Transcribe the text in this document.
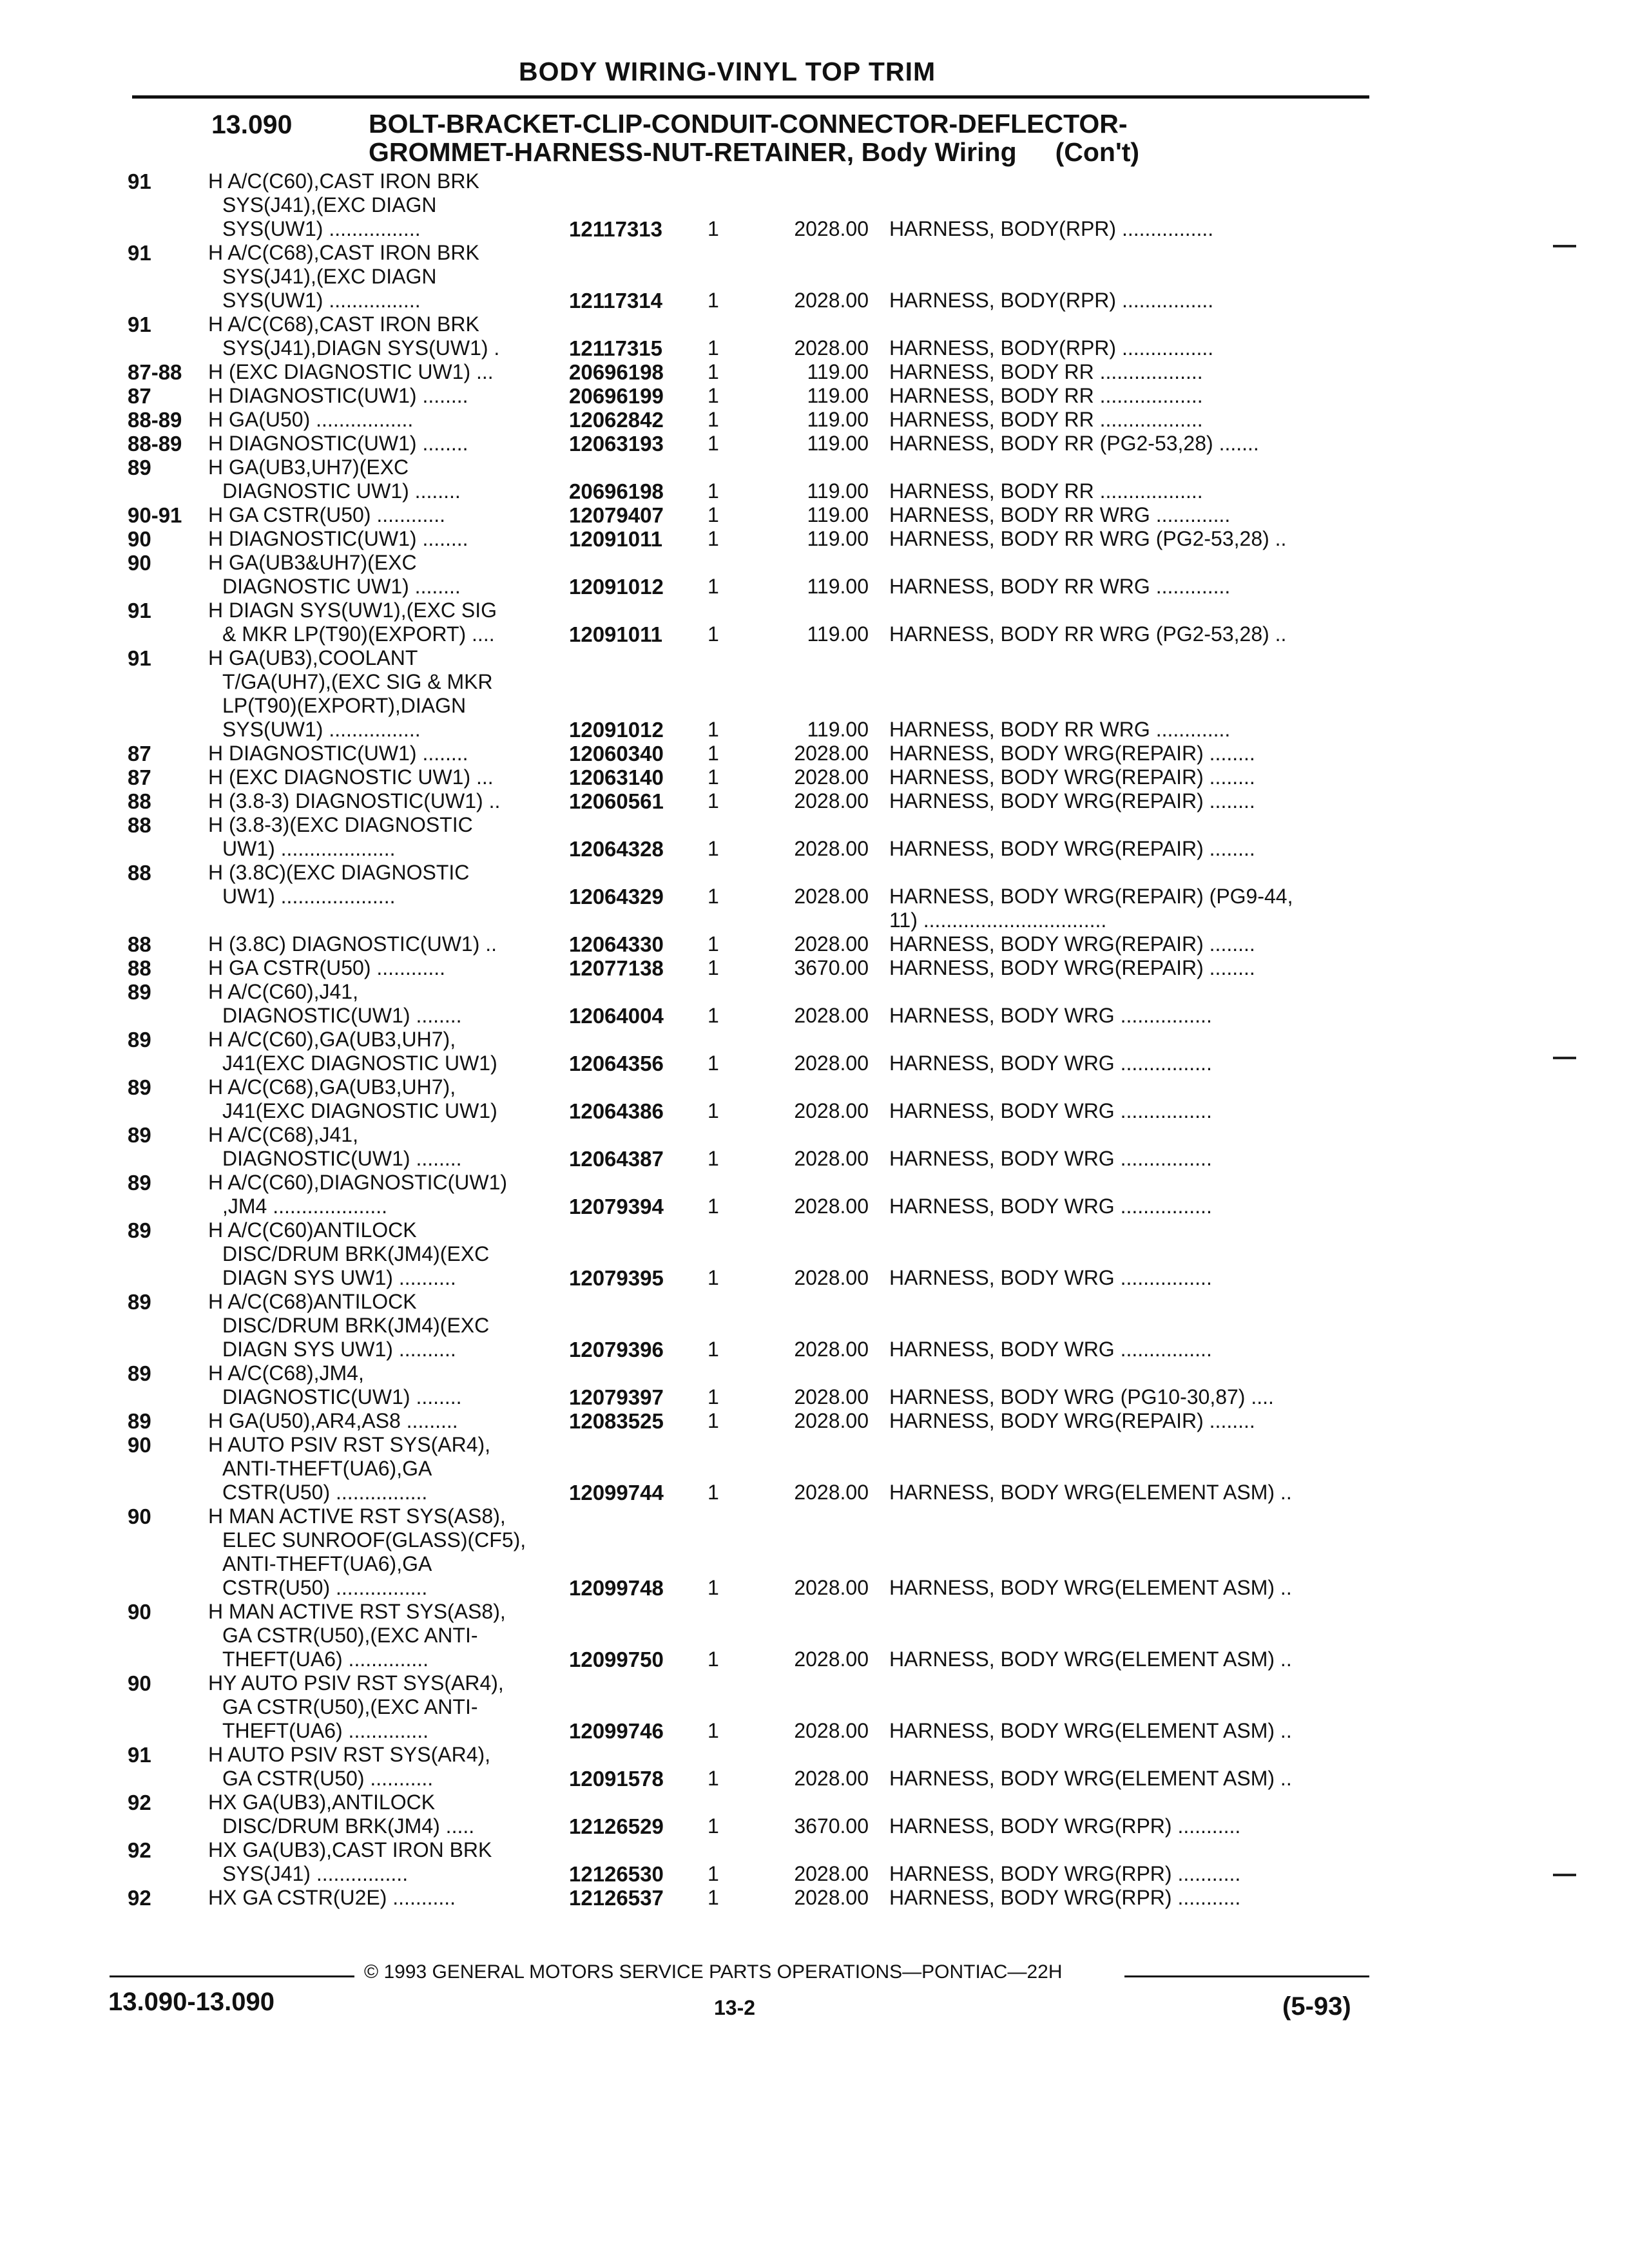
BODY WIRING-VINYL TOP TRIM
13.090	BOLT-BRACKET-CLIP-CONDUIT-CONNECTOR-DEFLECTOR-
GROMMET-HARNESS-NUT-RETAINER, Body Wiring (Con't)
91	H A/C(C60),CAST IRON BRK
SYS(J41),(EXC DIAGN
SYS(UW1) ................	12117313	1	2028.00 HARNESS, BODY(RPR) ................
91	H A/C(C68),CAST IRON BRK
SYS(J41),(EXC DIAGN
SYS(UW1) ................	12117314	1	2028.00 HARNESS, BODY(RPR) ................
91	H A/C(C68),CAST IRON BRK
SYS(J41),DIAGN SYS(UW1) .	12117315	1	2028.00 HARNESS, BODY(RPR) ................
87-88	H (EXC DIAGNOSTIC UW1) ...	20696198	1	119.00 HARNESS, BODY RR ..................
87	H DIAGNOSTIC(UW1) ........	20696199	1	119.00 HARNESS, BODY RR ..................
88-89	H GA(U50) .................	12062842	1	119.00 HARNESS, BODY RR ..................
88-89	H DIAGNOSTIC(UW1) ........	12063193	1	119.00 HARNESS, BODY RR (PG2-53,28) .......
89	H GA(UB3,UH7)(EXC
DIAGNOSTIC UW1) ........	20696198	1	119.00 HARNESS, BODY RR ..................
90-91	H GA CSTR(U50) ............	12079407	1	119.00 HARNESS, BODY RR WRG .............
90	H DIAGNOSTIC(UW1) ........	12091011	1	119.00 HARNESS, BODY RR WRG (PG2-53,28) ..
90	H GA(UB3&UH7)(EXC
DIAGNOSTIC UW1) ........	12091012	1	119.00 HARNESS, BODY RR WRG .............
91	H DIAGN SYS(UW1),(EXC SIG
& MKR LP(T90)(EXPORT) ....	12091011	1	119.00 HARNESS, BODY RR WRG (PG2-53,28) ..
91	H GA(UB3),COOLANT
T/GA(UH7),(EXC SIG & MKR
LP(T90)(EXPORT),DIAGN
SYS(UW1) ................	12091012	1	119.00 HARNESS, BODY RR WRG .............
87	H DIAGNOSTIC(UW1) ........	12060340	1	2028.00 HARNESS, BODY WRG(REPAIR) ........
87	H (EXC DIAGNOSTIC UW1) ...	12063140	1	2028.00 HARNESS, BODY WRG(REPAIR) ........
88	H (3.8-3) DIAGNOSTIC(UW1) ..	12060561	1	2028.00 HARNESS, BODY WRG(REPAIR) ........
88	H (3.8-3)(EXC DIAGNOSTIC
UW1) ....................	12064328	1	2028.00 HARNESS, BODY WRG(REPAIR) ........
88	H (3.8C)(EXC DIAGNOSTIC
UW1) ....................	12064329	1	2028.00 HARNESS, BODY WRG(REPAIR) (PG9-44,
11) ................................
88	H (3.8C) DIAGNOSTIC(UW1) ..	12064330	1	2028.00 HARNESS, BODY WRG(REPAIR) ........
88	H GA CSTR(U50) ............	12077138	1	3670.00 HARNESS, BODY WRG(REPAIR) ........
89	H A/C(C60),J41,
DIAGNOSTIC(UW1) ........	12064004	1	2028.00 HARNESS, BODY WRG ................
89	H A/C(C60),GA(UB3,UH7),
J41(EXC DIAGNOSTIC UW1)	12064356	1	2028.00 HARNESS, BODY WRG ................
89	H A/C(C68),GA(UB3,UH7),
J41(EXC DIAGNOSTIC UW1)	12064386	1	2028.00 HARNESS, BODY WRG ................
89	H A/C(C68),J41,
DIAGNOSTIC(UW1) ........	12064387	1	2028.00 HARNESS, BODY WRG ................
89	H A/C(C60),DIAGNOSTIC(UW1)
,JM4 ....................	12079394	1	2028.00 HARNESS, BODY WRG ................
89	H A/C(C60)ANTILOCK
DISC/DRUM BRK(JM4)(EXC
DIAGN SYS UW1) ..........	12079395	1	2028.00 HARNESS, BODY WRG ................
89	H A/C(C68)ANTILOCK
DISC/DRUM BRK(JM4)(EXC
DIAGN SYS UW1) ..........	12079396	1	2028.00 HARNESS, BODY WRG ................
89	H A/C(C68),JM4,
DIAGNOSTIC(UW1) ........	12079397	1	2028.00 HARNESS, BODY WRG (PG10-30,87) ....
89	H GA(U50),AR4,AS8 .........	12083525	1	2028.00 HARNESS, BODY WRG(REPAIR) ........
90	H AUTO PSIV RST SYS(AR4),
ANTI-THEFT(UA6),GA
CSTR(U50) ................	12099744	1	2028.00 HARNESS, BODY WRG(ELEMENT ASM) ..
90	H MAN ACTIVE RST SYS(AS8),
ELEC SUNROOF(GLASS)(CF5),
ANTI-THEFT(UA6),GA
CSTR(U50) ................	12099748	1	2028.00 HARNESS, BODY WRG(ELEMENT ASM) ..
90	H MAN ACTIVE RST SYS(AS8),
GA CSTR(U50),(EXC ANTI-
THEFT(UA6) ..............	12099750	1	2028.00 HARNESS, BODY WRG(ELEMENT ASM) ..
90	HY AUTO PSIV RST SYS(AR4),
GA CSTR(U50),(EXC ANTI-
THEFT(UA6) ..............	12099746	1	2028.00 HARNESS, BODY WRG(ELEMENT ASM) ..
91	H AUTO PSIV RST SYS(AR4),
GA CSTR(U50) ...........	12091578	1	2028.00 HARNESS, BODY WRG(ELEMENT ASM) ..
92	HX GA(UB3),ANTILOCK
DISC/DRUM BRK(JM4) .....	12126529	1	3670.00 HARNESS, BODY WRG(RPR) ...........
92	HX GA(UB3),CAST IRON BRK
SYS(J41) ................	12126530	1	2028.00 HARNESS, BODY WRG(RPR) ...........
92	HX GA CSTR(U2E) ...........	12126537	1	2028.00 HARNESS, BODY WRG(RPR) ...........
© 1993 GENERAL MOTORS SERVICE PARTS OPERATIONS—PONTIAC—22H
13.090-13.090	13-2	(5-93)
